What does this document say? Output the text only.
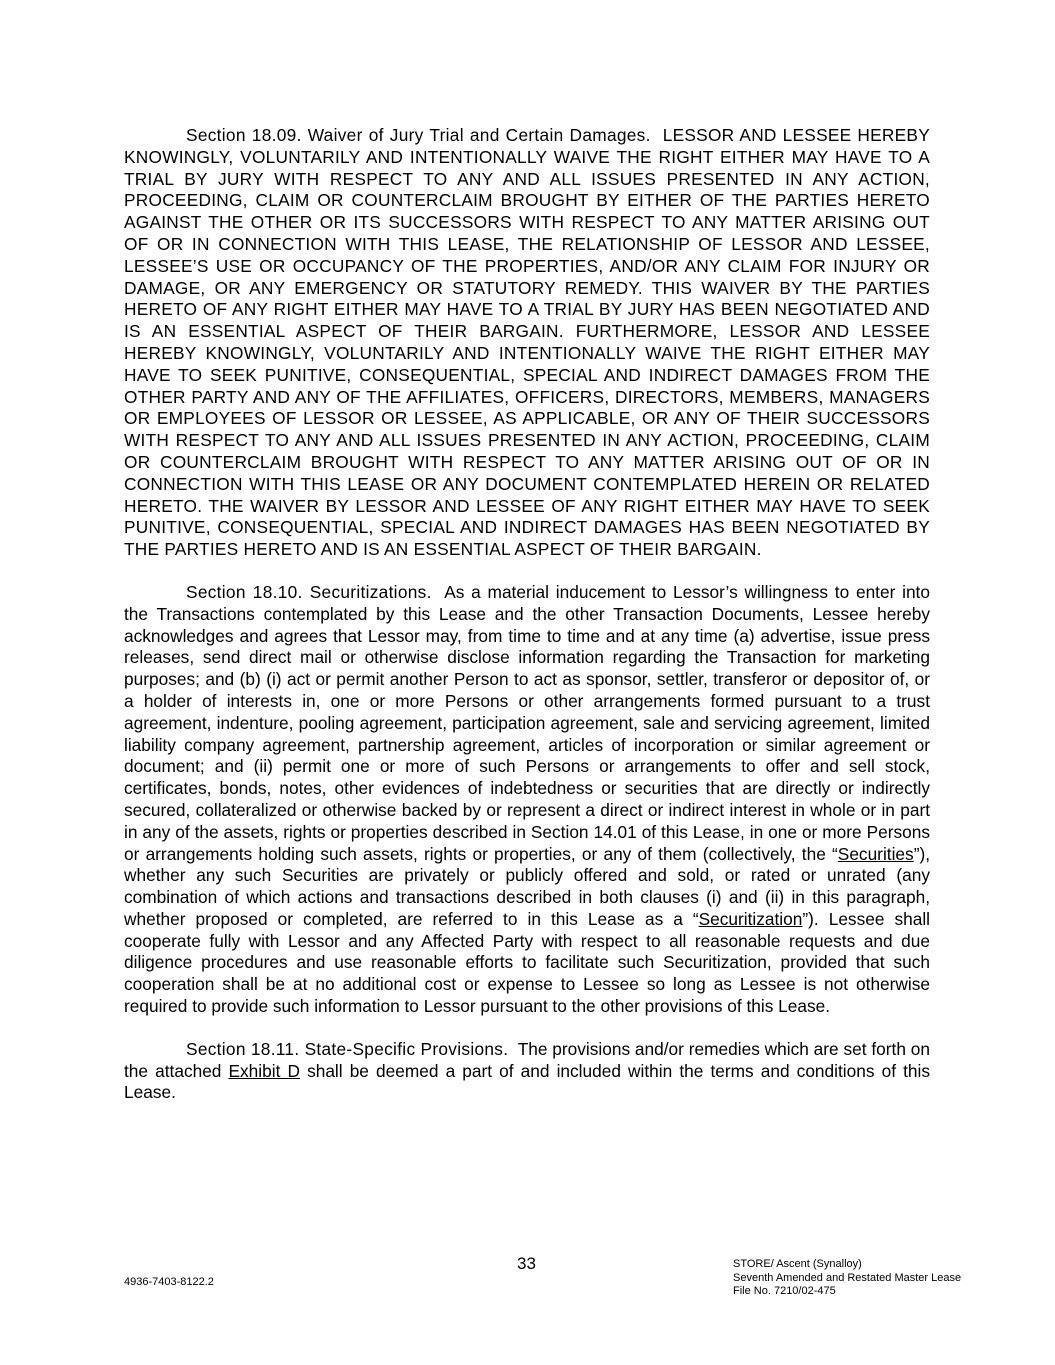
Section 18.09. Waiver of Jury Trial and Certain Damages. LESSOR AND LESSEE HEREBY KNOWINGLY, VOLUNTARILY AND INTENTIONALLY WAIVE THE RIGHT EITHER MAY HAVE TO A TRIAL BY JURY WITH RESPECT TO ANY AND ALL ISSUES PRESENTED IN ANY ACTION, PROCEEDING, CLAIM OR COUNTERCLAIM BROUGHT BY EITHER OF THE PARTIES HERETO AGAINST THE OTHER OR ITS SUCCESSORS WITH RESPECT TO ANY MATTER ARISING OUT OF OR IN CONNECTION WITH THIS LEASE, THE RELATIONSHIP OF LESSOR AND LESSEE, LESSEE’S USE OR OCCUPANCY OF THE PROPERTIES, AND/OR ANY CLAIM FOR INJURY OR DAMAGE, OR ANY EMERGENCY OR STATUTORY REMEDY. THIS WAIVER BY THE PARTIES HERETO OF ANY RIGHT EITHER MAY HAVE TO A TRIAL BY JURY HAS BEEN NEGOTIATED AND IS AN ESSENTIAL ASPECT OF THEIR BARGAIN. FURTHERMORE, LESSOR AND LESSEE HEREBY KNOWINGLY, VOLUNTARILY AND INTENTIONALLY WAIVE THE RIGHT EITHER MAY HAVE TO SEEK PUNITIVE, CONSEQUENTIAL, SPECIAL AND INDIRECT DAMAGES FROM THE OTHER PARTY AND ANY OF THE AFFILIATES, OFFICERS, DIRECTORS, MEMBERS, MANAGERS OR EMPLOYEES OF LESSOR OR LESSEE, AS APPLICABLE, OR ANY OF THEIR SUCCESSORS WITH RESPECT TO ANY AND ALL ISSUES PRESENTED IN ANY ACTION, PROCEEDING, CLAIM OR COUNTERCLAIM BROUGHT WITH RESPECT TO ANY MATTER ARISING OUT OF OR IN CONNECTION WITH THIS LEASE OR ANY DOCUMENT CONTEMPLATED HEREIN OR RELATED HERETO. THE WAIVER BY LESSOR AND LESSEE OF ANY RIGHT EITHER MAY HAVE TO SEEK PUNITIVE, CONSEQUENTIAL, SPECIAL AND INDIRECT DAMAGES HAS BEEN NEGOTIATED BY THE PARTIES HERETO AND IS AN ESSENTIAL ASPECT OF THEIR BARGAIN.

Section 18.10. Securitizations. As a material inducement to Lessor’s willingness to enter into the Transactions contemplated by this Lease and the other Transaction Documents, Lessee hereby acknowledges and agrees that Lessor may, from time to time and at any time (a) advertise, issue press releases, send direct mail or otherwise disclose information regarding the Transaction for marketing purposes; and (b) (i) act or permit another Person to act as sponsor, settler, transferor or depositor of, or a holder of interests in, one or more Persons or other arrangements formed pursuant to a trust agreement, indenture, pooling agreement, participation agreement, sale and servicing agreement, limited liability company agreement, partnership agreement, articles of incorporation or similar agreement or document; and (ii) permit one or more of such Persons or arrangements to offer and sell stock, certificates, bonds, notes, other evidences of indebtedness or securities that are directly or indirectly secured, collateralized or otherwise backed by or represent a direct or indirect interest in whole or in part in any of the assets, rights or properties described in Section 14.01 of this Lease, in one or more Persons or arrangements holding such assets, rights or properties, or any of them (collectively, the “Securities”), whether any such Securities are privately or publicly offered and sold, or rated or unrated (any combination of which actions and transactions described in both clauses (i) and (ii) in this paragraph, whether proposed or completed, are referred to in this Lease as a “Securitization”). Lessee shall cooperate fully with Lessor and any Affected Party with respect to all reasonable requests and due diligence procedures and use reasonable efforts to facilitate such Securitization, provided that such cooperation shall be at no additional cost or expense to Lessee so long as Lessee is not otherwise required to provide such information to Lessor pursuant to the other provisions of this Lease.

Section 18.11. State-Specific Provisions. The provisions and/or remedies which are set forth on the attached Exhibit D shall be deemed a part of and included within the terms and conditions of this Lease.

33
4936-7403-8122.2
STORE/ Ascent (Synalloy)
Seventh Amended and Restated Master Lease
File No. 7210/02-475
